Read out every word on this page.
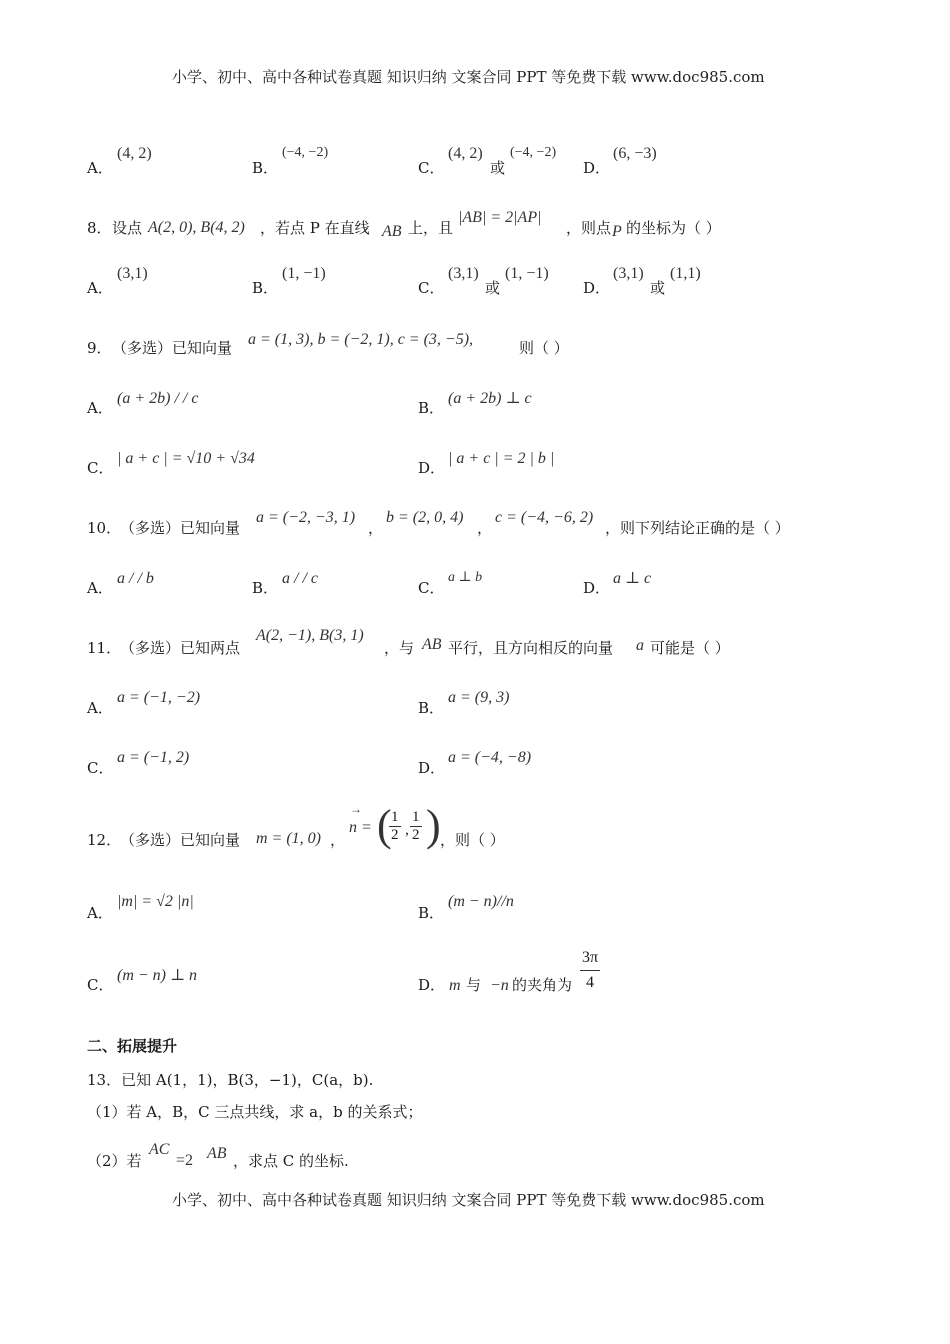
小学、初中、高中各种试卷真题 知识归纳 文案合同 PPT 等免费下载 www.doc985.com
小学、初中、高中各种试卷真题 知识归纳 文案合同 PPT 等免费下载 www.doc985.com
A．
(4, 2)
B．
(−4, −2)
C．
(4, 2)
或
(−4, −2)
D．
(6, −3)
8． 设点 A(2, 0), B(4, 2) ，若点 P 在直线 AB 上，且
|AB| = 2|AP|
，则点 P 的坐标为（ ）
A．
(3,1)
B．
(1, −1)
C．
(3,1)
或
(1, −1)
D．
(3,1)
或
(1,1)
9． （多选）已知向量 a = (1, 3), b = (−2, 1), c = (3, −5),	则（ ）
A．
(a + 2b) / / c
B．
(a + 2b) ⊥ c
C．
| a + c | = √10 + √34
D．
| a + c | = 2 | b |
10．
（多选）已知向量
a = (−2, −3, 1)
，
b = (2, 0, 4)
，
c = (−4, −6, 2)
，则下列结论正确的是（ ）
A．
a / / b
B．
a / / c
C．
a ⊥ b
D．
a ⊥ c
11．
（多选）已知两点
A(2, −1), B(3, 1)
，与 AB 平行，且方向相反的向量 a 可能是（ ）
A．
a = (−1, −2)
B．
a = (9, 3)
C．
a = (−1, 2)
D．
a = (−4, −8)
12．
（多选）已知向量 m = (1, 0) ，
→
n = (
$\frac{1}{2}$ , $\frac{1}{2}$ ) ，则（ ）
A．
|m| = √2 |n|
B．
(m − n)//n
C．
(m − n) ⊥ n
D． m 与 −n 的夹角为 $\frac{3\pi}{4}$
二、拓展提升
13．已知 A(1，1)，B(3，−1)，C(a，b).
（1）若 A，B，C 三点共线，求 a，b 的关系式；
（2）若
AC
=2 AB ，求点 C 的坐标.
